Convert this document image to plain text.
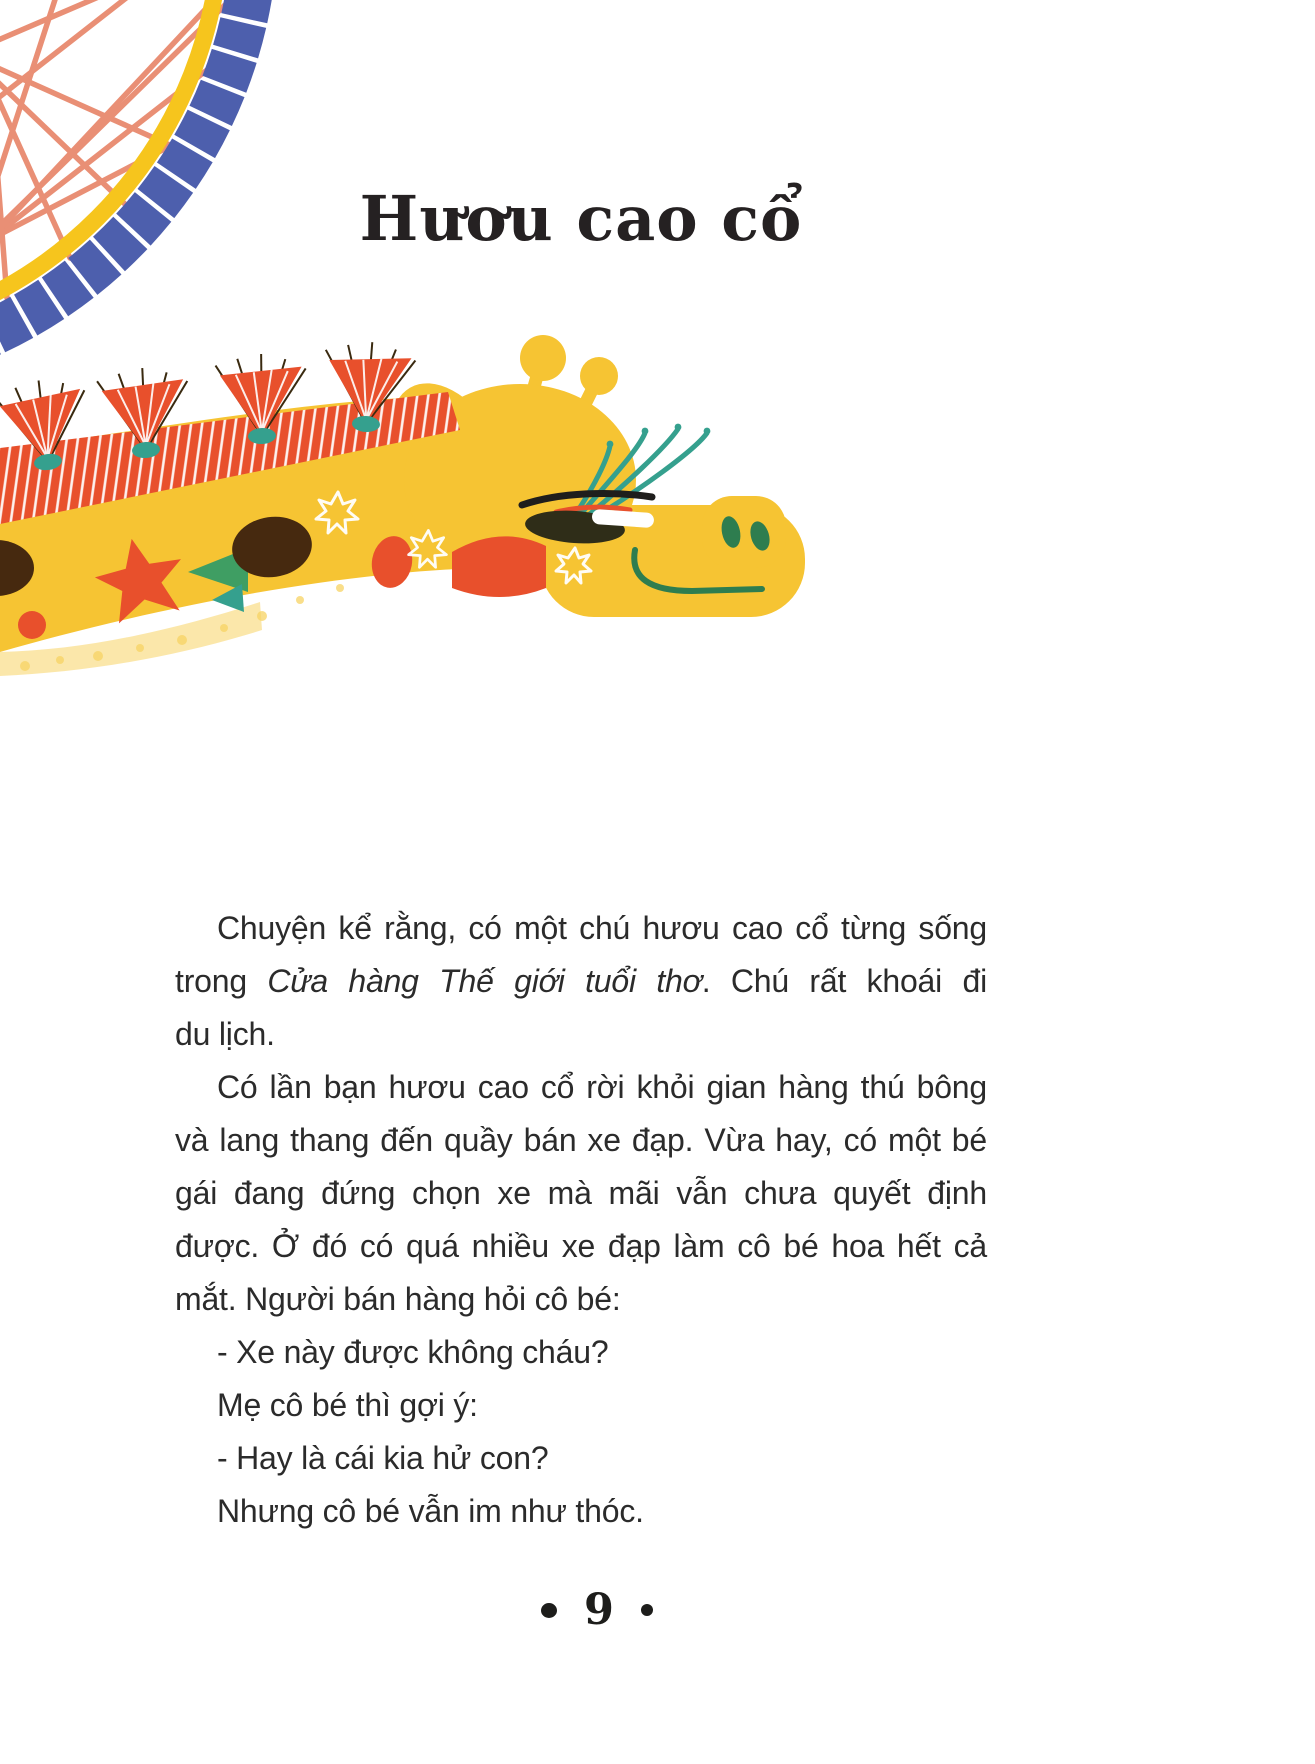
Hươu cao cổ
Chuyện kể rằng, có một chú hươu cao cổ từng sống
trong Cửa hàng Thế giới tuổi thơ. Chú rất khoái đi
du lịch.
Có lần bạn hươu cao cổ rời khỏi gian hàng thú bông
và lang thang đến quầy bán xe đạp. Vừa hay, có một bé
gái đang đứng chọn xe mà mãi vẫn chưa quyết định
được. Ở đó có quá nhiều xe đạp làm cô bé hoa hết cả
mắt. Người bán hàng hỏi cô bé:
- Xe này được không cháu?
Mẹ cô bé thì gợi ý:
- Hay là cái kia hử con?
Nhưng cô bé vẫn im như thóc.
9
